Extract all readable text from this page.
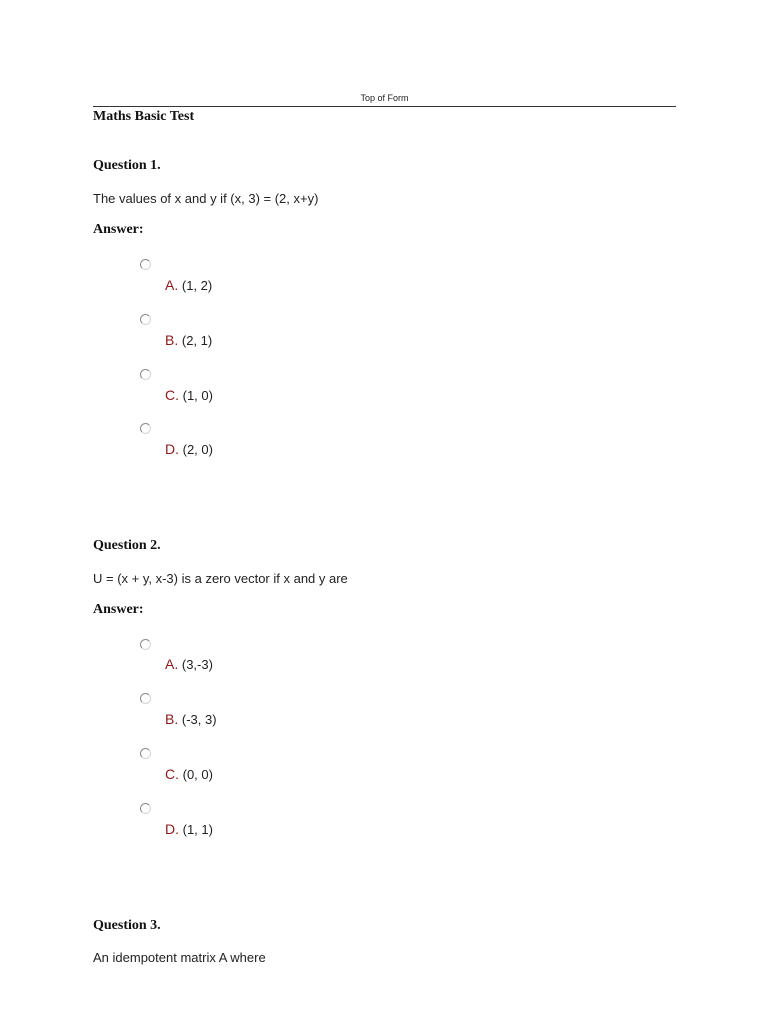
Top of Form
Maths Basic Test
Question 1.
The values of x and y if (x, 3) = (2, x+y)
Answer:
A. (1, 2)
B. (2, 1)
C. (1, 0)
D. (2, 0)
Question 2.
U = (x + y, x-3) is a zero vector if x and y are
Answer:
A. (3,-3)
B. (-3, 3)
C. (0, 0)
D. (1, 1)
Question 3.
An idempotent matrix A where
